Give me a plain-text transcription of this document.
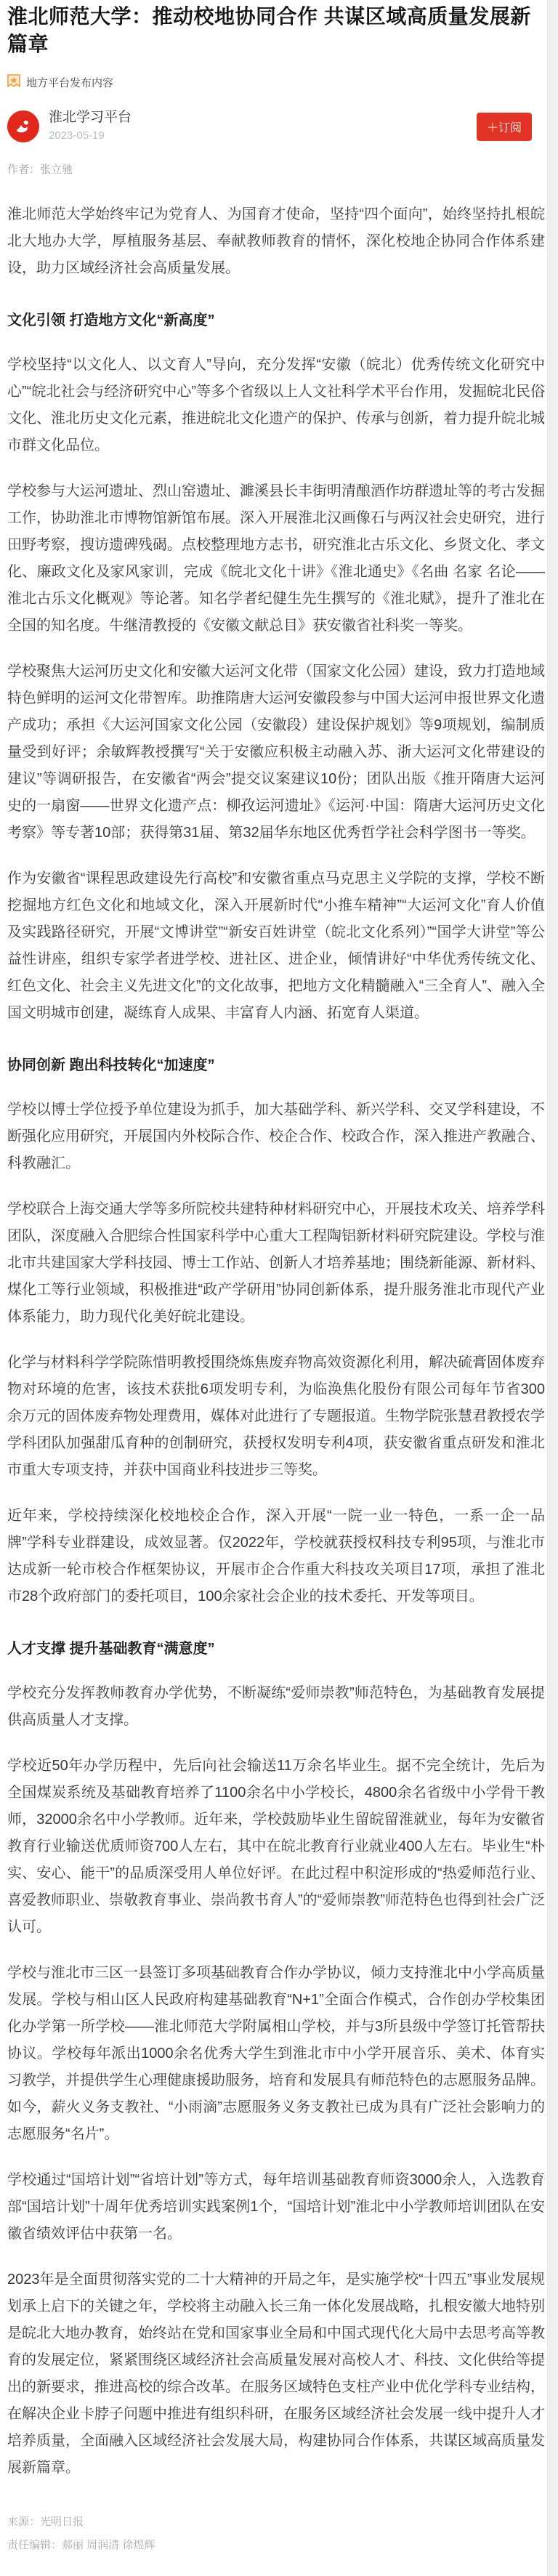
淮北师范大学：推动校地协同合作 共谋区域高质量发展新篇章
地方平台发布内容
淮北学习平台
2023-05-19
＋订阅
作者：张立驰

淮北师范大学始终牢记为党育人、为国育才使命，坚持“四个面向”，始终坚持扎根皖北大地办大学，厚植服务基层、奉献教师教育的情怀，深化校地企协同合作体系建设，助力区域经济社会高质量发展。

文化引领 打造地方文化“新高度”

学校坚持“以文化人、以文育人”导向，充分发挥“安徽（皖北）优秀传统文化研究中心”“皖北社会与经济研究中心”等多个省级以上人文社科学术平台作用，发掘皖北民俗文化、淮北历史文化元素，推进皖北文化遗产的保护、传承与创新，着力提升皖北城市群文化品位。

学校参与大运河遗址、烈山窑遗址、濉溪县长丰街明清酿酒作坊群遗址等的考古发掘工作，协助淮北市博物馆新馆布展。深入开展淮北汉画像石与两汉社会史研究，进行田野考察，搜访遗碑残碣。点校整理地方志书，研究淮北古乐文化、乡贤文化、孝文化、廉政文化及家风家训，完成《皖北文化十讲》《淮北通史》《名曲 名家 名论——淮北古乐文化概观》等论著。知名学者纪健生先生撰写的《淮北赋》，提升了淮北在全国的知名度。牛继清教授的《安徽文献总目》获安徽省社科奖一等奖。

学校聚焦大运河历史文化和安徽大运河文化带（国家文化公园）建设，致力打造地域特色鲜明的运河文化带智库。助推隋唐大运河安徽段参与中国大运河申报世界文化遗产成功；承担《大运河国家文化公园（安徽段）建设保护规划》等9项规划，编制质量受到好评；余敏辉教授撰写“关于安徽应积极主动融入苏、浙大运河文化带建设的建议”等调研报告，在安徽省“两会”提交议案建议10份；团队出版《推开隋唐大运河史的一扇窗——世界文化遗产点：柳孜运河遗址》《运河·中国：隋唐大运河历史文化考察》等专著10部；获得第31届、第32届华东地区优秀哲学社会科学图书一等奖。

作为安徽省“课程思政建设先行高校”和安徽省重点马克思主义学院的支撑，学校不断挖掘地方红色文化和地域文化，深入开展新时代“小推车精神”“大运河文化”育人价值及实践路径研究，开展“文博讲堂”“新安百姓讲堂（皖北文化系列）”“国学大讲堂”等公益性讲座，组织专家学者进学校、进社区、进企业，倾情讲好“中华优秀传统文化、红色文化、社会主义先进文化”的文化故事，把地方文化精髓融入“三全育人”、融入全国文明城市创建，凝练育人成果、丰富育人内涵、拓宽育人渠道。

协同创新 跑出科技转化“加速度”

学校以博士学位授予单位建设为抓手，加大基础学科、新兴学科、交叉学科建设，不断强化应用研究，开展国内外校际合作、校企合作、校政合作，深入推进产教融合、科教融汇。

学校联合上海交通大学等多所院校共建特种材料研究中心，开展技术攻关、培养学科团队，深度融入合肥综合性国家科学中心重大工程陶铝新材料研究院建设。学校与淮北市共建国家大学科技园、博士工作站、创新人才培养基地；围绕新能源、新材料、煤化工等行业领域，积极推进“政产学研用”协同创新体系，提升服务淮北市现代产业体系能力，助力现代化美好皖北建设。

化学与材料科学学院陈惜明教授围绕炼焦废弃物高效资源化利用，解决硫膏固体废弃物对环境的危害，该技术获批6项发明专利，为临涣焦化股份有限公司每年节省300余万元的固体废弃物处理费用，媒体对此进行了专题报道。生物学院张慧君教授农学学科团队加强甜瓜育种的创制研究，获授权发明专利4项，获安徽省重点研发和淮北市重大专项支持，并获中国商业科技进步三等奖。

近年来，学校持续深化校地校企合作，深入开展“一院一业一特色，一系一企一品牌”学科专业群建设，成效显著。仅2022年，学校就获授权科技专利95项，与淮北市达成新一轮市校合作框架协议，开展市企合作重大科技攻关项目17项，承担了淮北市28个政府部门的委托项目，100余家社会企业的技术委托、开发等项目。

人才支撑 提升基础教育“满意度”

学校充分发挥教师教育办学优势，不断凝练“爱师崇教”师范特色，为基础教育发展提供高质量人才支撑。

学校近50年办学历程中，先后向社会输送11万余名毕业生。据不完全统计，先后为全国煤炭系统及基础教育培养了1100余名中小学校长，4800余名省级中小学骨干教师，32000余名中小学教师。近年来，学校鼓励毕业生留皖留淮就业，每年为安徽省教育行业输送优质师资700人左右，其中在皖北教育行业就业400人左右。毕业生“朴实、安心、能干”的品质深受用人单位好评。在此过程中积淀形成的“热爱师范行业、喜爱教师职业、崇敬教育事业、崇尚教书育人”的“爱师崇教”师范特色也得到社会广泛认可。

学校与淮北市三区一县签订多项基础教育合作办学协议，倾力支持淮北中小学高质量发展。学校与相山区人民政府构建基础教育“N+1”全面合作模式，合作创办学校集团化办学第一所学校——淮北师范大学附属相山学校，并与3所县级中学签订托管帮扶协议。学校每年派出1000余名优秀大学生到淮北市中小学开展音乐、美术、体育实习教学，并提供学生心理健康援助服务，培育和发展具有师范特色的志愿服务品牌。如今，薪火义务支教社、“小雨滴”志愿服务义务支教社已成为具有广泛社会影响力的志愿服务“名片”。

学校通过“国培计划”“省培计划”等方式，每年培训基础教育师资3000余人，入选教育部“国培计划”十周年优秀培训实践案例1个，“国培计划”淮北中小学教师培训团队在安徽省绩效评估中获第一名。

2023年是全面贯彻落实党的二十大精神的开局之年，是实施学校“十四五”事业发展规划承上启下的关键之年，学校将主动融入长三角一体化发展战略，扎根安徽大地特别是皖北大地办教育，始终站在党和国家事业全局和中国式现代化大局中去思考高等教育的发展定位，紧紧围绕区域经济社会高质量发展对高校人才、科技、文化供给等提出的新要求，推进高校的综合改革。在服务区域特色支柱产业中优化学科专业结构，在解决企业卡脖子问题中推进有组织科研，在服务区域经济社会发展一线中提升人才培养质量，全面融入区域经济社会发展大局，构建协同合作体系，共谋区域高质量发展新篇章。

来源：光明日报
责任编辑：郝丽 周润清 徐煜辉
